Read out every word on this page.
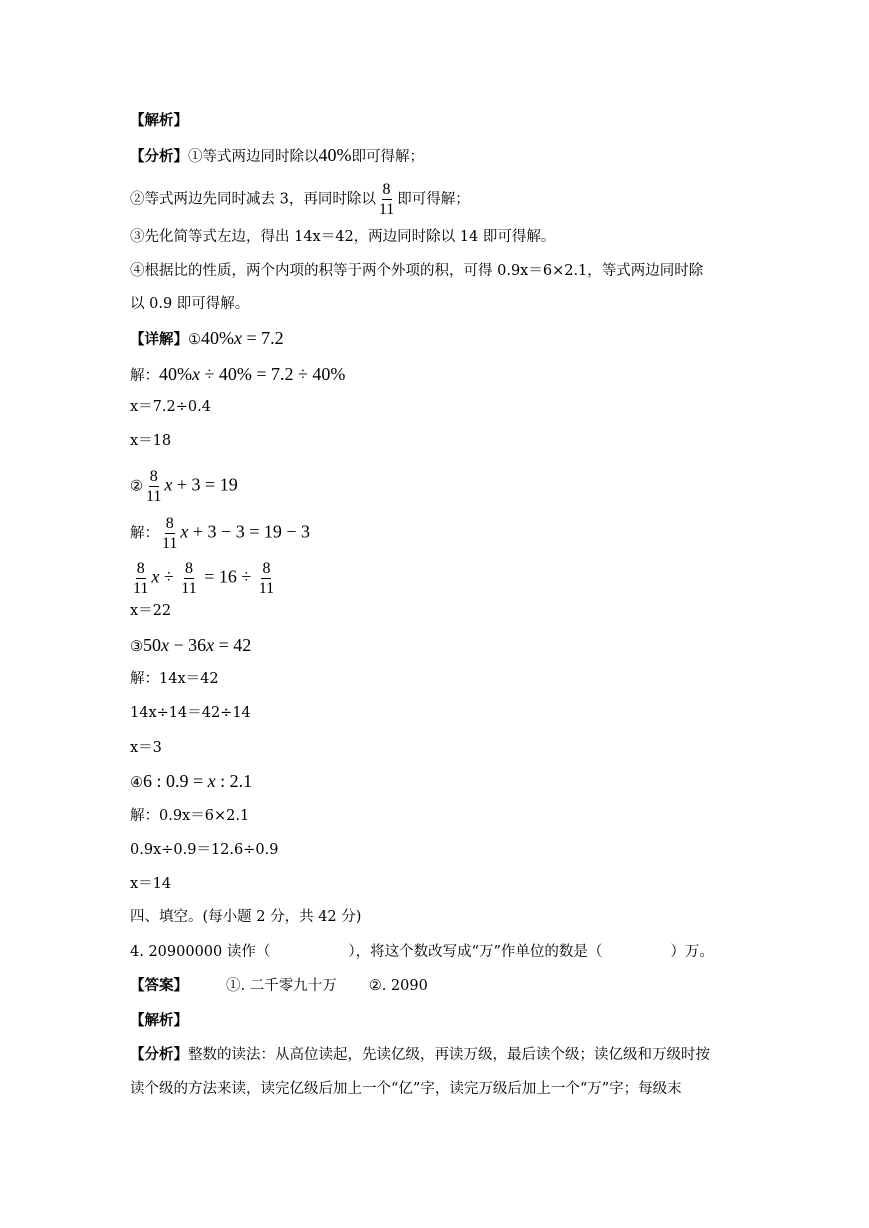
【解析】
【分析】①等式两边同时除以40%即可得解；
②等式两边先同时减去 3，再同时除以 $\frac{8}{11}$ 即可得解；
③先化简等式左边，得出 14x＝42，两边同时除以 14 即可得解。
④根据比的性质，两个内项的积等于两个外项的积，可得 0.9x＝6×2.1，等式两边同时除
以 0.9 即可得解。
【详解】①40%x = 7.2
解：40%x ÷ 40% = 7.2 ÷ 40%
x＝7.2÷0.4
x＝18
② $\frac{8}{11}$ x + 3 = 19
解： $\frac{8}{11}$ x + 3 − 3 = 19 − 3
$\frac{8}{11}$ $x \div \frac{8}{11} = 16 \div \frac{8}{11}$
x＝22
③50x − 36x = 42
解：14x＝42
14x÷14＝42÷14
x＝3
④6 : 0.9 = x : 2.1
解：0.9x＝6×2.1
0.9x÷0.9＝12.6÷0.9
x＝14
四、填空。(每小题 2 分，共 42 分)
4. 20900000 读作（	），将这个数改写成“万”作单位的数是（	）万。
【答案】	①. 二千零九十万 ②. 2090
【解析】
【分析】整数的读法：从高位读起，先读亿级，再读万级，最后读个级；读亿级和万级时按
读个级的方法来读，读完亿级后加上一个“亿”字，读完万级后加上一个“万”字；每级末
